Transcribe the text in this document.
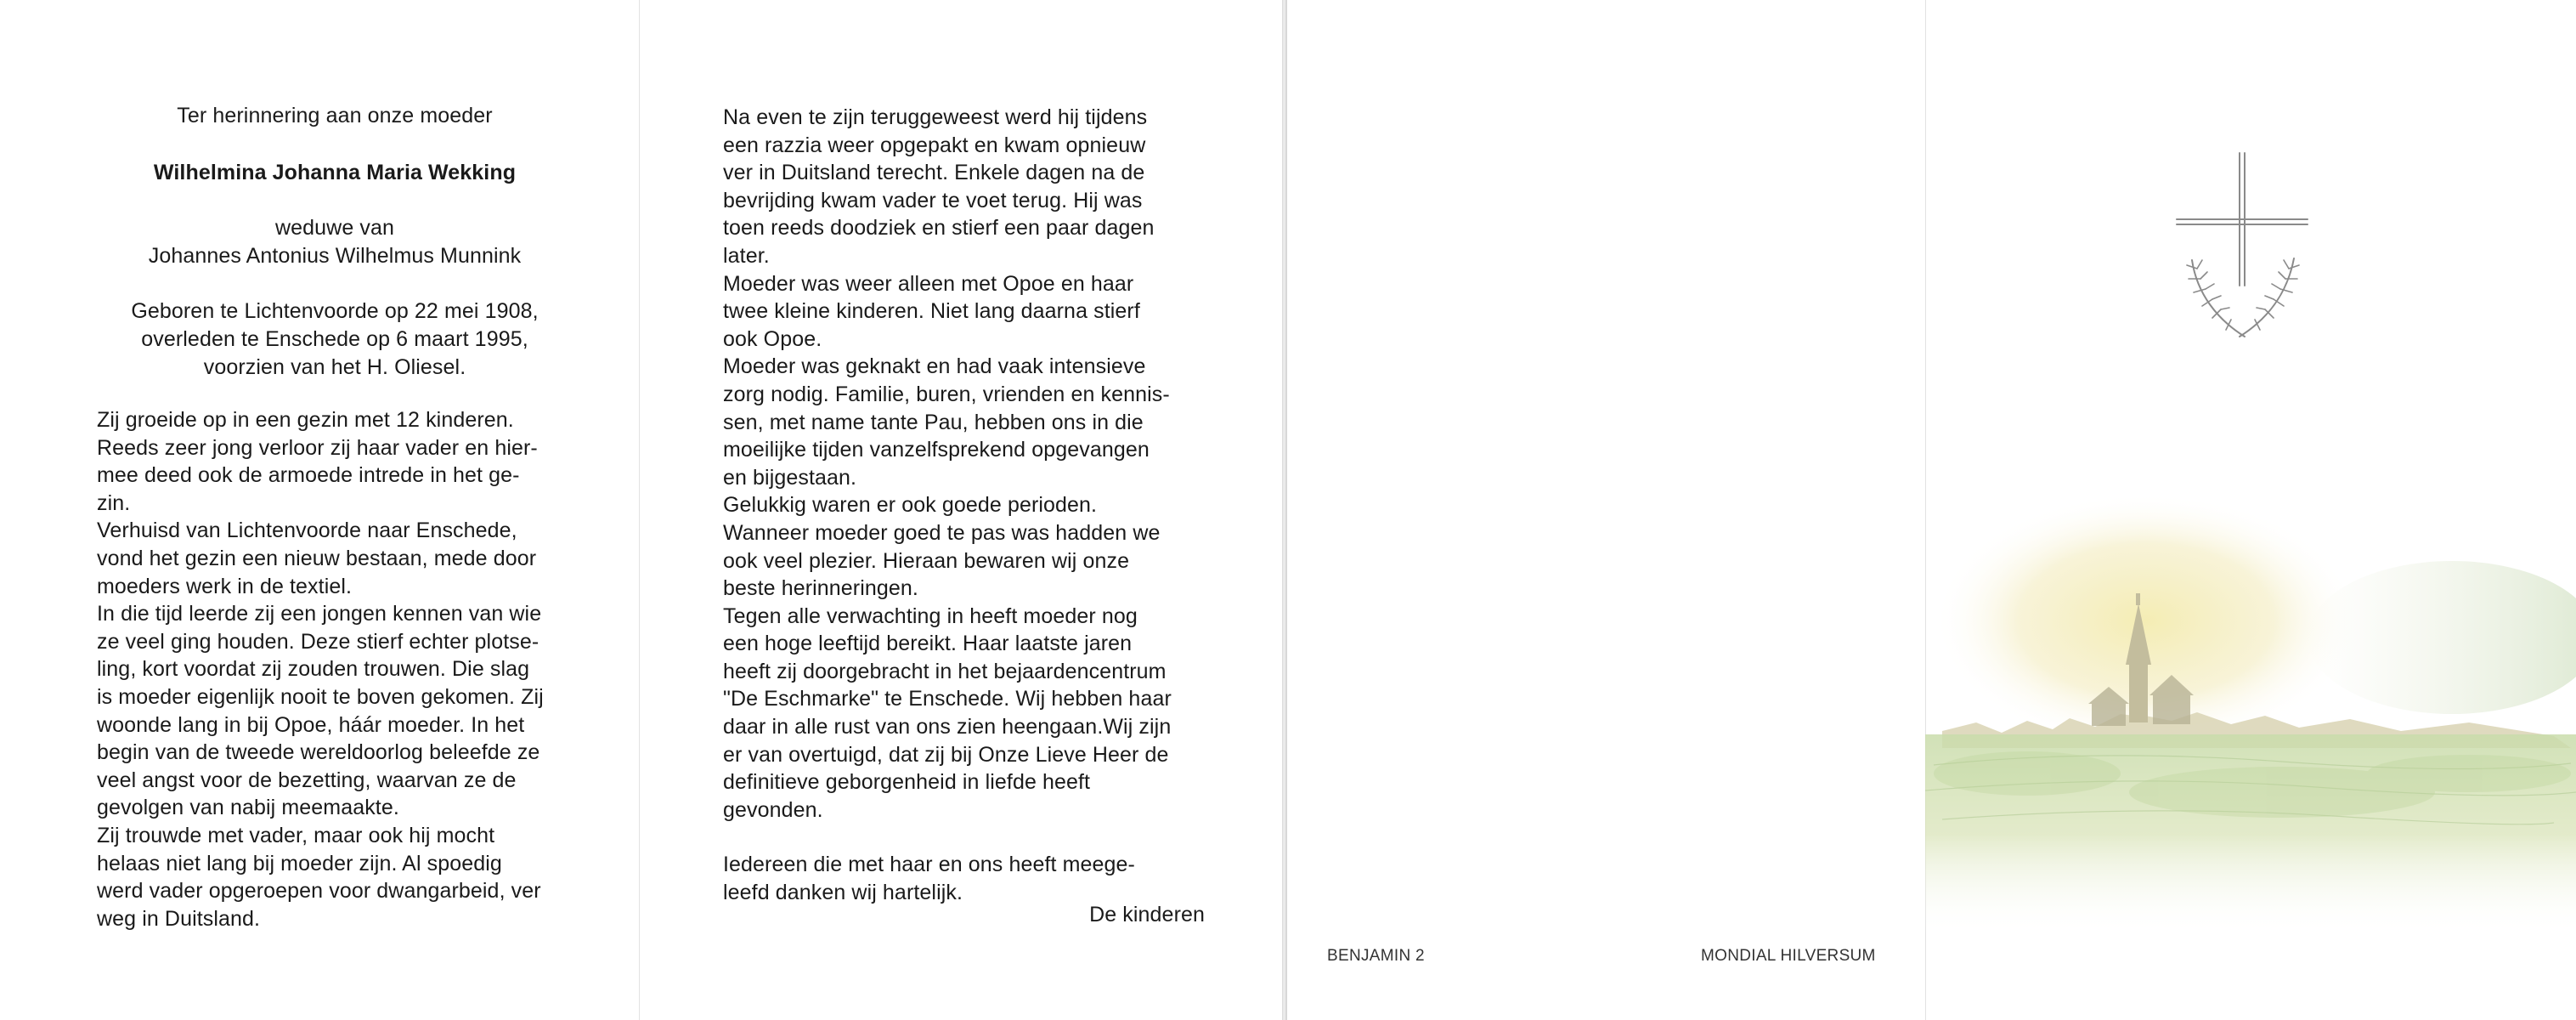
Ter herinnering aan onze moeder

Wilhelmina Johanna Maria Wekking

weduwe van

Johannes Antonius Wilhelmus Munnink

Geboren te Lichtenvoorde op 22 mei 1908,

overleden te Enschede op 6 maart 1995,

voorzien van het H. Oliesel.

Zij groeide op in een gezin met 12 kinderen.

Reeds zeer jong verloor zij haar vader en hier-

mee deed ook de armoede intrede in het ge-

zin.

Verhuisd van Lichtenvoorde naar Enschede,

vond het gezin een nieuw bestaan, mede door

moeders werk in de textiel.

In die tijd leerde zij een jongen kennen van wie

ze veel ging houden. Deze stierf echter plotse-

ling, kort voordat zij zouden trouwen. Die slag

is moeder eigenlijk nooit te boven gekomen. Zij

woonde lang in bij Opoe, háár moeder. In het

begin van de tweede wereldoorlog beleefde ze

veel angst voor de bezetting, waarvan ze de

gevolgen van nabij meemaakte.

Zij trouwde met vader, maar ook hij mocht

helaas niet lang bij moeder zijn. Al spoedig

werd vader opgeroepen voor dwangarbeid, ver

weg in Duitsland.

Na even te zijn teruggeweest werd hij tijdens

een razzia weer opgepakt en kwam opnieuw

ver in Duitsland terecht. Enkele dagen na de

bevrijding kwam vader te voet terug. Hij was

toen reeds doodziek en stierf een paar dagen

later.

Moeder was weer alleen met Opoe en haar

twee kleine kinderen. Niet lang daarna stierf

ook Opoe.

Moeder was geknakt en had vaak intensieve

zorg nodig. Familie, buren, vrienden en kennis-

sen, met name tante Pau, hebben ons in die

moeilijke tijden vanzelfsprekend opgevangen

en bijgestaan.

Gelukkig waren er ook goede perioden.

Wanneer moeder goed te pas was hadden we

ook veel plezier. Hieraan bewaren wij onze

beste herinneringen.

Tegen alle verwachting in heeft moeder nog

een hoge leeftijd bereikt. Haar laatste jaren

heeft zij doorgebracht in het bejaardencentrum

"De Eschmarke" te Enschede. Wij hebben haar

daar in alle rust van ons zien heengaan.Wij zijn

er van overtuigd, dat zij bij Onze Lieve Heer de

definitieve geborgenheid in liefde heeft

gevonden.

Iedereen die met haar en ons heeft meege-

leefd danken wij hartelijk.

De kinderen
BENJAMIN 2	MONDIAL HILVERSUM
